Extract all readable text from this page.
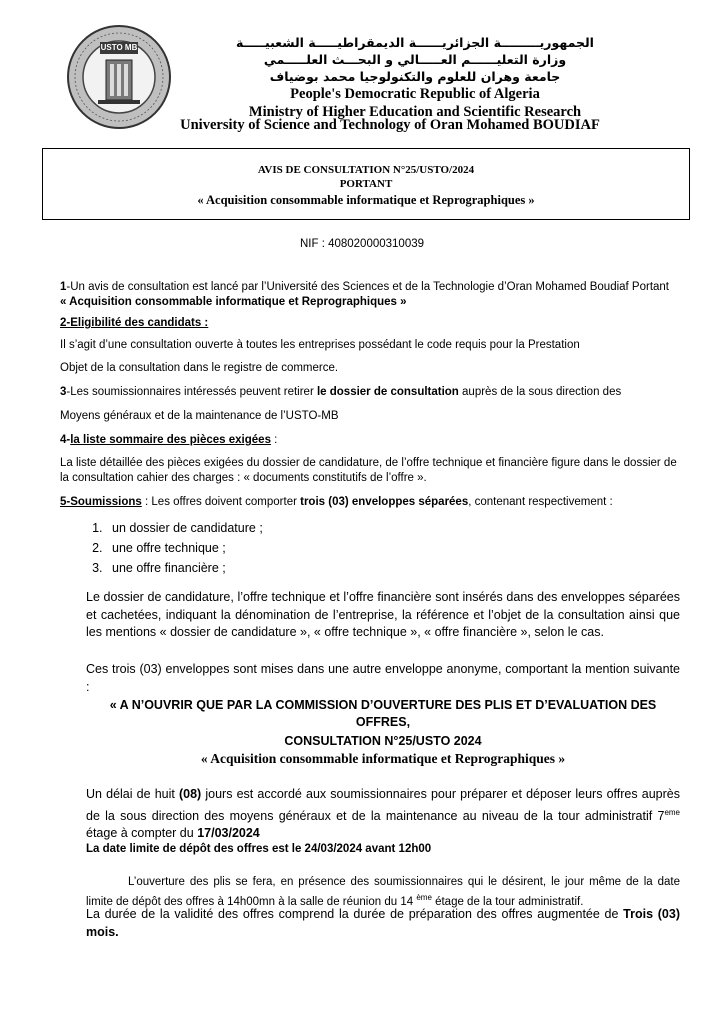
USTO MB	الجمهوريـــــــــة الجزائريــــــة الديمقراطيـــــة الشعبيـــــة
وزارة التعليــــــم العـــــالي و البحـــث العلـــــمي
جامعة وهران للعلوم والتكنولوجيا محمد بوضياف
People's Democratic Republic of Algeria
Ministry of Higher Education and Scientific Research
University of Science and Technology of Oran Mohamed BOUDIAF
AVIS DE CONSULTATION N°25/USTO/2024
PORTANT
« Acquisition consommable informatique et Reprographiques »
NIF : 408020000310039

1-Un avis de consultation est lancé par l’Université des Sciences et de la Technologie d’Oran Mohamed Boudiaf Portant « Acquisition consommable informatique et Reprographiques »

2-Eligibilité des candidats :

Il s’agit d’une consultation ouverte à toutes les entreprises possédant le code requis pour la Prestation

Objet de la consultation dans le registre de commerce.

3-Les soumissionnaires intéressés peuvent retirer le dossier de consultation auprès de la sous direction des

Moyens généraux et de la maintenance de l’USTO-MB

4-la liste sommaire des pièces exigées :

La liste détaillée des pièces exigées du dossier de candidature, de l’offre technique et financière figure dans le dossier de la consultation cahier des charges : « documents constitutifs de l’offre ».

5-Soumissions : Les offres doivent comporter trois (03) enveloppes séparées, contenant respectivement :

1. un dossier de candidature ;
2. une offre technique ;
3. une offre financière ;

Le dossier de candidature, l’offre technique et l’offre financière sont insérés dans des enveloppes séparées et cachetées, indiquant la dénomination de l’entreprise, la référence et l’objet de la consultation ainsi que les mentions « dossier de candidature », « offre technique », « offre financière », selon le cas.

Ces trois (03) enveloppes sont mises dans une autre enveloppe anonyme, comportant la mention suivante :

« A N’OUVRIR QUE PAR LA COMMISSION D’OUVERTURE DES PLIS ET D’EVALUATION DES OFFRES,
CONSULTATION N°25/USTO 2024
« Acquisition consommable informatique et Reprographiques »

Un délai de huit (08) jours est accordé aux soumissionnaires pour préparer et déposer leurs offres auprès de la sous direction des moyens généraux et de la maintenance au niveau de la tour administratif 7eme étage à compter du 17/03/2024

La date limite de dépôt des offres est le 24/03/2024 avant 12h00

L’ouverture des plis se fera, en présence des soumissionnaires qui le désirent, le jour même de la date limite de dépôt des offres à 14h00mn à la salle de réunion du 14 $^{ème}$ étage de la tour administratif.

La durée de la validité des offres comprend la durée de préparation des offres augmentée de Trois (03) mois.
